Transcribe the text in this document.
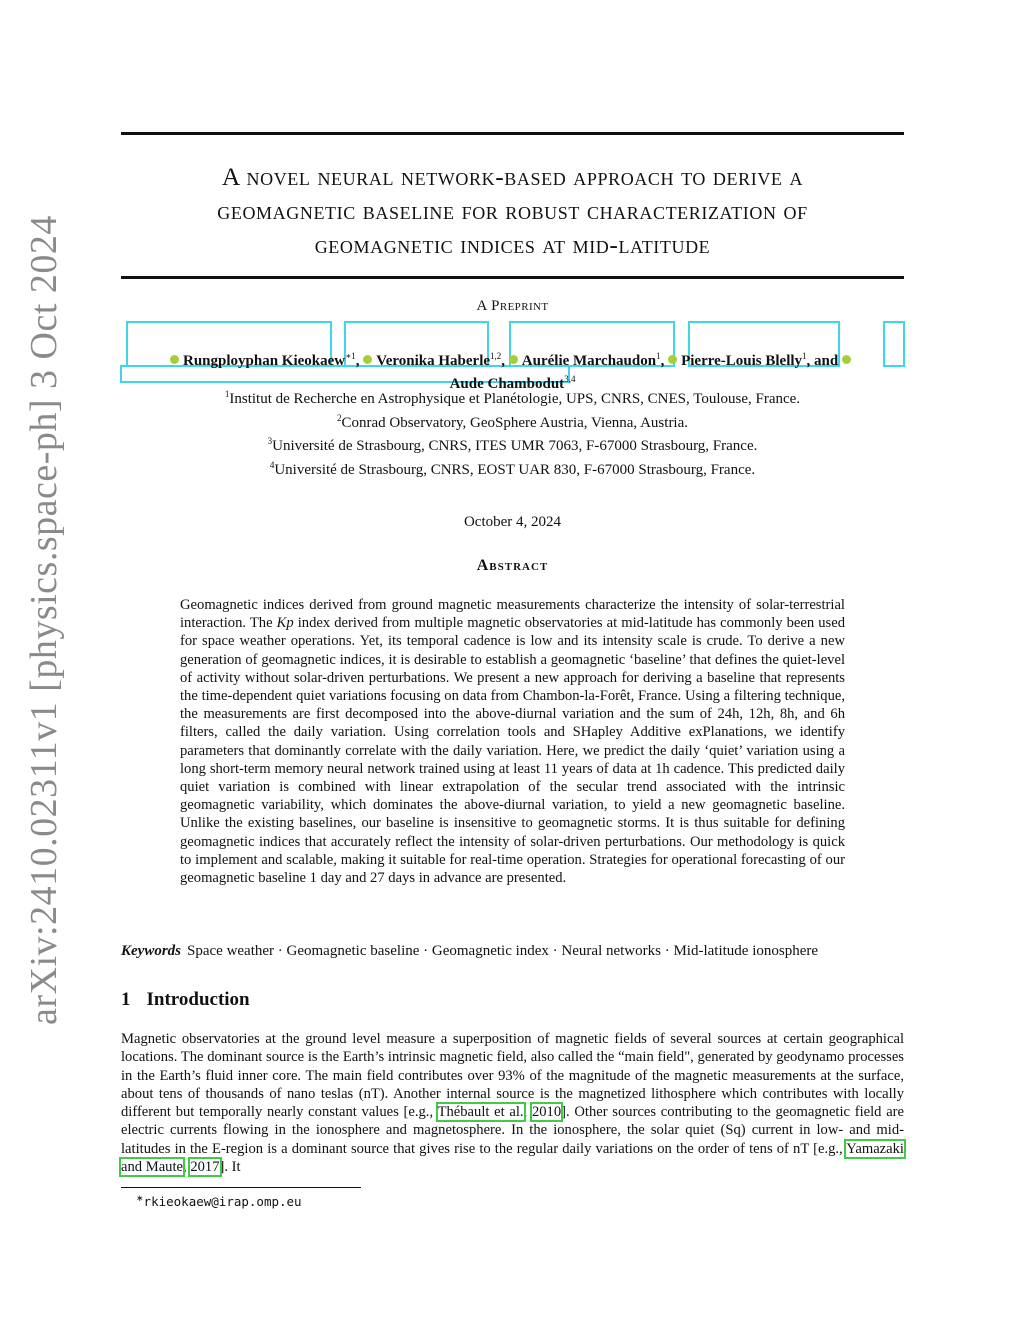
arXiv:2410.02311v1 [physics.space-ph] 3 Oct 2024
A novel neural network-based approach to derive a
geomagnetic baseline for robust characterization of
geomagnetic indices at mid-latitude
A Preprint
Rungployphan Kieokaew$^{∗1}$, Veronika Haberle$^{1,2}$, Aurélie Marchaudon$^1$, Pierre-Louis Blelly$^1$, and
Aude Chambodut$^{3,4}$
$^1$Institut de Recherche en Astrophysique et Planétologie, UPS, CNRS, CNES, Toulouse, France.
$^2$Conrad Observatory, GeoSphere Austria, Vienna, Austria.
$^3$Université de Strasbourg, CNRS, ITES UMR 7063, F-67000 Strasbourg, France.
$^4$Université de Strasbourg, CNRS, EOST UAR 830, F-67000 Strasbourg, France.
October 4, 2024
Abstract
Geomagnetic indices derived from ground magnetic measurements characterize the intensity of solar-terrestrial interaction. The Kp index derived from multiple magnetic observatories at mid-latitude has commonly been used for space weather operations. Yet, its temporal cadence is low and its intensity scale is crude. To derive a new generation of geomagnetic indices, it is desirable to establish a geomagnetic ‘baseline’ that defines the quiet-level of activity without solar-driven perturbations. We present a new approach for deriving a baseline that represents the time-dependent quiet variations focusing on data from Chambon-la-Forêt, France. Using a filtering technique, the measurements are first decomposed into the above-diurnal variation and the sum of 24h, 12h, 8h, and 6h filters, called the daily variation. Using correlation tools and SHapley Additive exPlanations, we identify parameters that dominantly correlate with the daily variation. Here, we predict the daily ‘quiet’ variation using a long short-term memory neural network trained using at least 11 years of data at 1h cadence. This predicted daily quiet variation is combined with linear extrapolation of the secular trend associated with the intrinsic geomagnetic variability, which dominates the above-diurnal variation, to yield a new geomagnetic baseline. Unlike the existing baselines, our baseline is insensitive to geomagnetic storms. It is thus suitable for defining geomagnetic indices that accurately reflect the intensity of solar-driven perturbations. Our methodology is quick to implement and scalable, making it suitable for real-time operation. Strategies for operational forecasting of our geomagnetic baseline 1 day and 27 days in advance are presented.
Keywords Space weather · Geomagnetic baseline · Geomagnetic index · Neural networks · Mid-latitude ionosphere
1 Introduction
Magnetic observatories at the ground level measure a superposition of magnetic fields of several sources at certain geographical locations. The dominant source is the Earth’s intrinsic magnetic field, also called the “main field", generated by geodynamo processes in the Earth’s fluid inner core. The main field contributes over 93% of the magnitude of the magnetic measurements at the surface, about tens of thousands of nano teslas (nT). Another internal source is the magnetized lithosphere which contributes with locally different but temporally nearly constant values [e.g., Thébault et al., 2010]. Other sources contributing to the geomagnetic field are electric currents flowing in the ionosphere and magnetosphere. In the ionosphere, the solar quiet (Sq) current in low- and mid-latitudes in the E-region is a dominant source that gives rise to the regular daily variations on the order of tens of nT [e.g., Yamazaki and Maute, 2017]. It
∗rkieokaew@irap.omp.eu
